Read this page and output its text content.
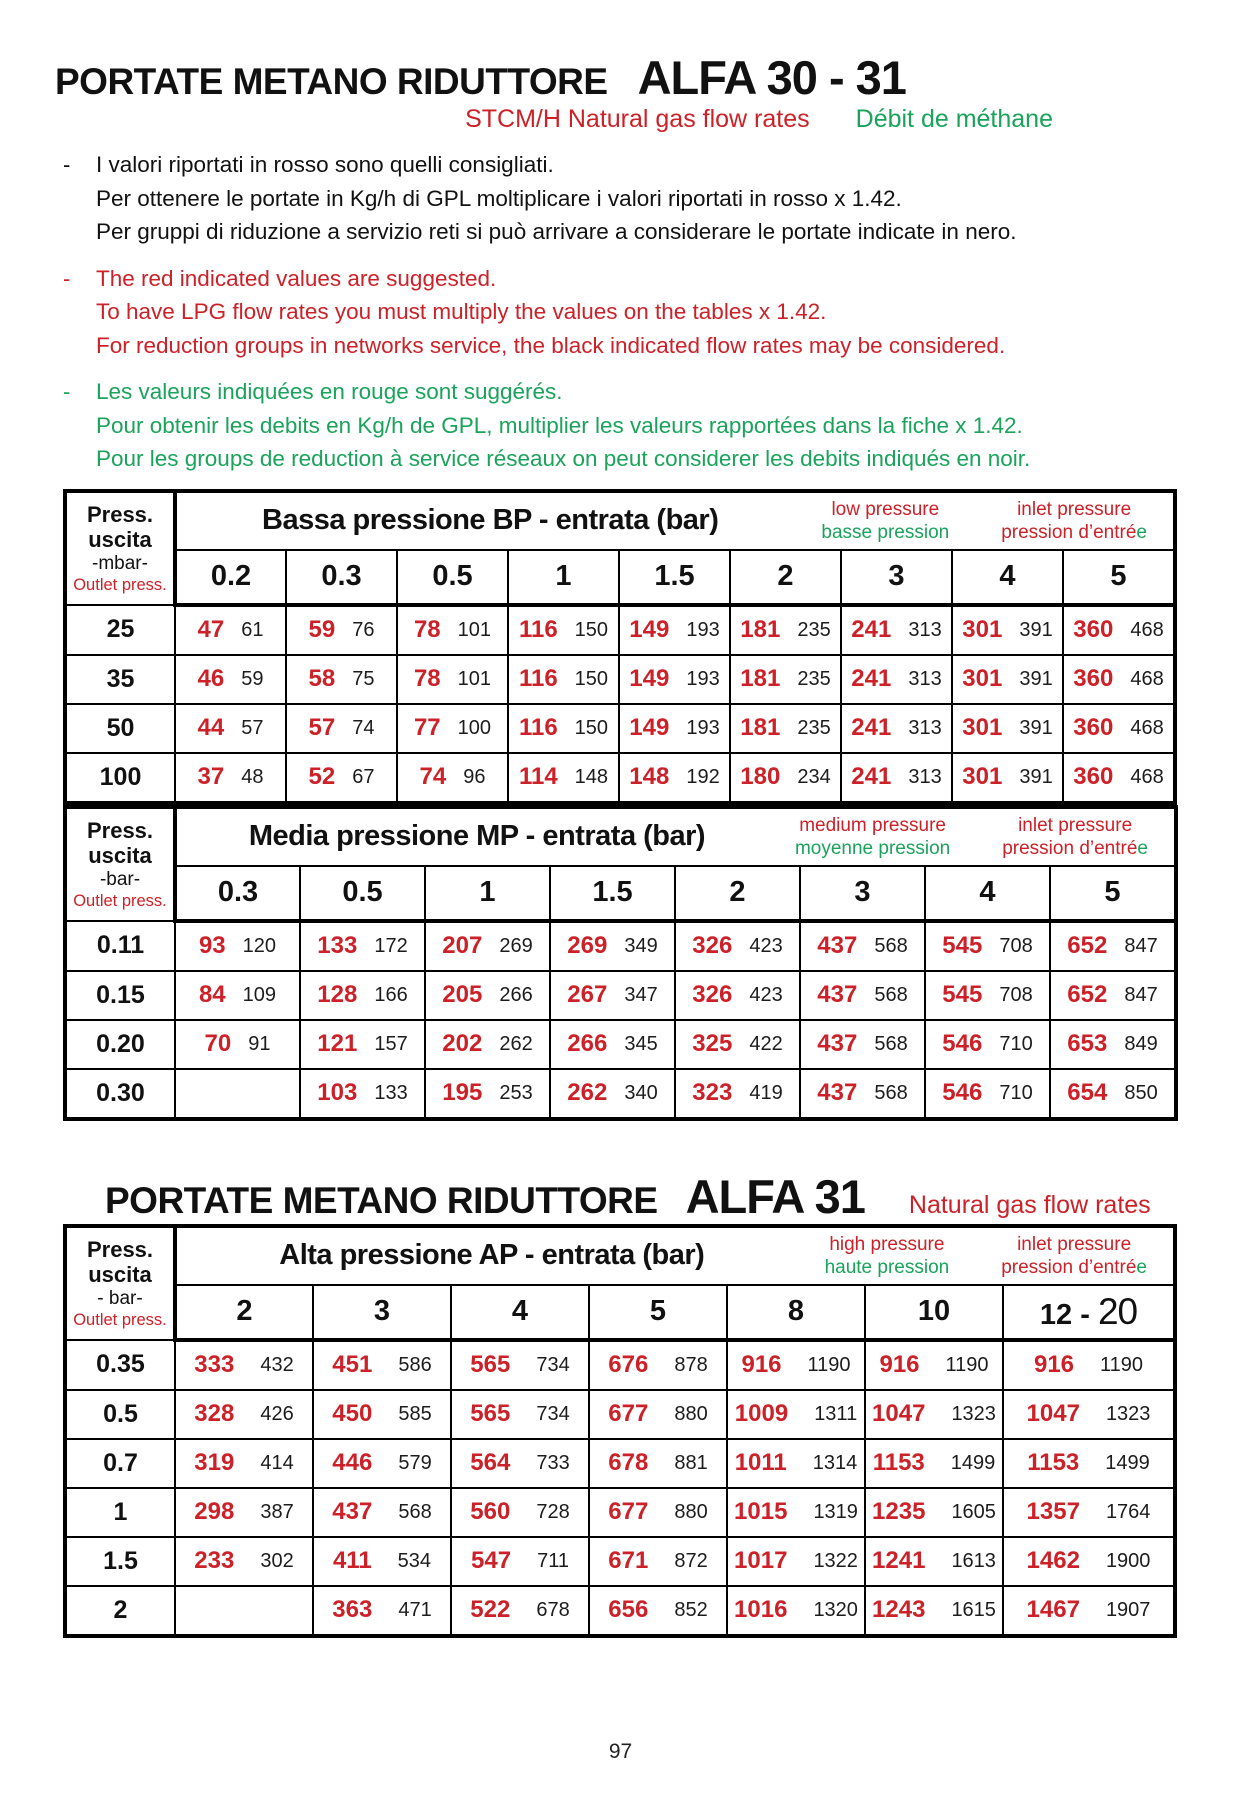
PORTATE METANO RIDUTTORE ALFA 30 - 31
STCM/H Natural gas flow rates Débit de méthane
-	I valori riportati in rosso sono quelli consigliati.
Per ottenere le portate in Kg/h di GPL moltiplicare i valori riportati in rosso x 1.42.
Per gruppi di riduzione a servizio reti si può arrivare a considerare le portate indicate in nero.
-	The red indicated values are suggested.
To have LPG flow rates you must multiply the values on the tables x 1.42.
For reduction groups in networks service, the black indicated flow rates may be considered.
-	Les valeurs indiquées en rouge sont suggérés.
Pour obtenir les debits en Kg/h de GPL, multiplier les valeurs rapportées dans la fiche x 1.42.
Pour les groups de reduction à service réseaux on peut considerer les debits indiqués en noir.
Press.
uscita
-mbar-
Outlet press.

Bassa pressione BP - entrata (bar)	low pressure
basse pression
inlet pressure
pression d’entrée

	0.2	0.3	0.5	1	1.5	2	3	4	5
25	47 61	59 76	78 101	116 150	149 193	181 235	241 313	301 391	360 468

35	46 59	58 75	78 101	116 150	149 193	181 235	241 313	301 391	360 468

50	44 57	57 74	77 100	116 150	149 193	181 235	241 313	301 391	360 468

100	37 48	52 67	74 96	114 148	148 192	180 234	241 313	301 391	360 468
Press.
uscita
-bar-
Outlet press.

Media pressione MP - entrata (bar)	medium pressure
moyenne pression
inlet pressure
pression d’entrée

	0.3	0.5	1	1.5	2	3	4	5
0.11	93 120	133 172	207 269	269 349	326 423	437 568	545 708	652 847

0.15	84 109	128 166	205 266	267 347	326 423	437 568	545 708	652 847

0.20	70 91	121 157	202 262	266 345	325 422	437 568	546 710	653 849

0.30		103 133	195 253	262 340	323 419	437 568	546 710	654 850
PORTATE METANO RIDUTTORE ALFA 31 Natural gas flow rates
Press.
uscita
- bar-
Outlet press.

Alta pressione AP - entrata (bar)	high pressure
haute pression
inlet pressure
pression d’entrée

	2	3	4	5	8	10	12 - 20
0.35	333 432	451 586	565 734	676 878	916 1190	916 1190	916 1190

0.5	328 426	450 585	565 734	677 880	1009 1311	1047 1323	1047 1323

0.7	319 414	446 579	564 733	678 881	1011 1314	1153 1499	1153 1499

1	298 387	437 568	560 728	677 880	1015 1319	1235 1605	1357 1764

1.5	233 302	411 534	547 711	671 872	1017 1322	1241 1613	1462 1900

2		363 471	522 678	656 852	1016 1320	1243 1615	1467 1907
97
